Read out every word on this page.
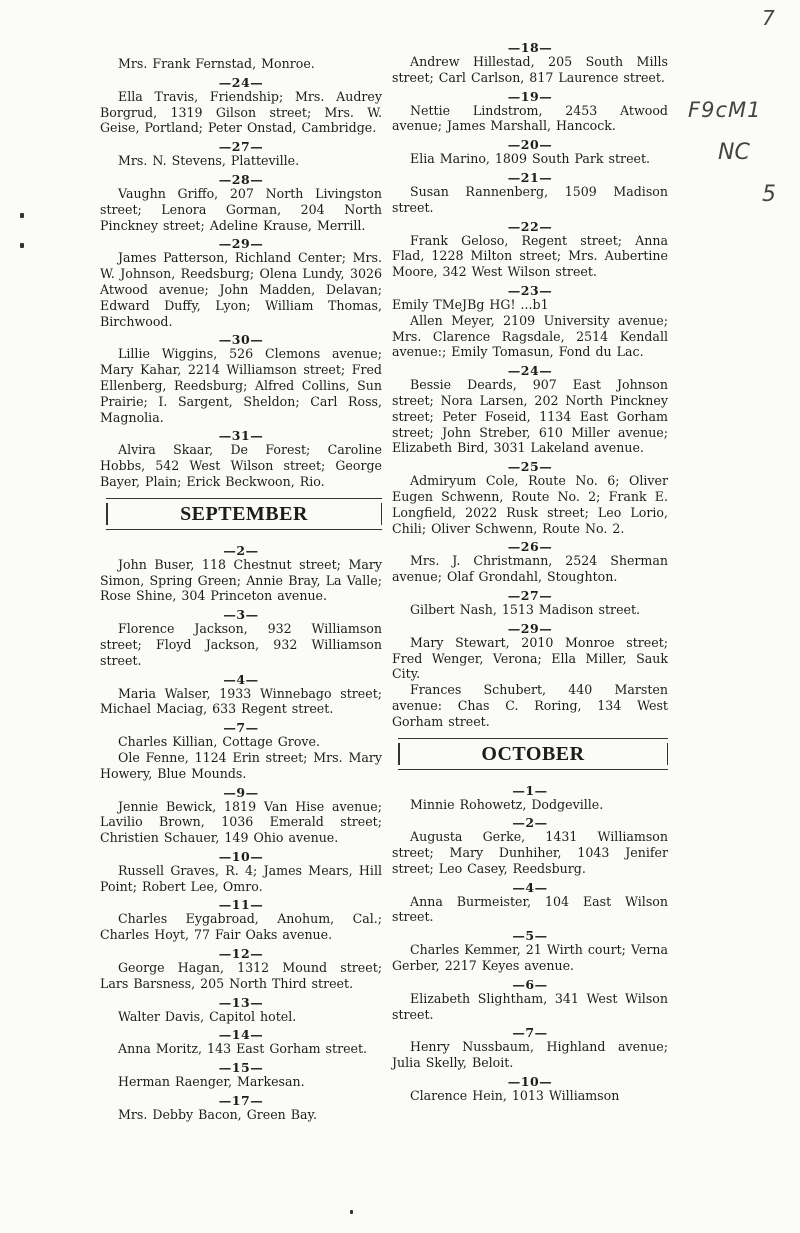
7
F9cM1
NC
5

Mrs. Frank Fernstad, Monroe.

—24—

Ella Travis, Friendship; Mrs. Audrey Borgrud, 1319 Gilson street; Mrs. W. Geise, Portland; Peter Onstad, Cambridge.

—27—

Mrs. N. Stevens, Platteville.

—28—

Vaughn Griffo, 207 North Livingston street; Lenora Gorman, 204 North Pinckney street; Adeline Krause, Merrill.

—29—

James Patterson, Richland Center; Mrs. W. Johnson, Reedsburg; Olena Lundy, 3026 Atwood avenue; John Madden, Delavan; Edward Duffy, Lyon; William Thomas, Birchwood.

—30—

Lillie Wiggins, 526 Clemons avenue; Mary Kahar, 2214 Williamson street; Fred Ellenberg, Reedsburg; Alfred Collins, Sun Prairie; I. Sargent, Sheldon; Carl Ross, Magnolia.

—31—

Alvira Skaar, De Forest; Caroline Hobbs, 542 West Wilson street; George Bayer, Plain; Erick Beckwoon, Rio.

SEPTEMBER
—2—

John Buser, 118 Chestnut street; Mary Simon, Spring Green; Annie Bray, La Valle; Rose Shine, 304 Princeton avenue.

—3—

Florence Jackson, 932 Williamson street; Floyd Jackson, 932 Williamson street.

—4—

Maria Walser, 1933 Winnebago street; Michael Maciag, 633 Regent street.

—7—

Charles Killian, Cottage Grove.

Ole Fenne, 1124 Erin street; Mrs. Mary Howery, Blue Mounds.

—9—

Jennie Bewick, 1819 Van Hise avenue; Lavilio Brown, 1036 Emerald street; Christien Schauer, 149 Ohio avenue.

—10—

Russell Graves, R. 4; James Mears, Hill Point; Robert Lee, Omro.

—11—

Charles Eygabroad, Anohum, Cal.; Charles Hoyt, 77 Fair Oaks avenue.

—12—

George Hagan, 1312 Mound street; Lars Barsness, 205 North Third street.

—13—

Walter Davis, Capitol hotel.

—14—

Anna Moritz, 143 East Gorham street.

—15—

Herman Raenger, Markesan.

—17—

Mrs. Debby Bacon, Green Bay.

—18—

Andrew Hillestad, 205 South Mills street; Carl Carlson, 817 Laurence street.

—19—

Nettie Lindstrom, 2453 Atwood avenue; James Marshall, Hancock.

—20—

Elia Marino, 1809 South Park street.

—21—

Susan Rannenberg, 1509 Madison street.

—22—

Frank Geloso, Regent street; Anna Flad, 1228 Milton street; Mrs. Aubertine Moore, 342 West Wilson street.

—23—

Emily TMeJBg HG! ...b1

Allen Meyer, 2109 University avenue; Mrs. Clarence Ragsdale, 2514 Kendall avenue:; Emily Tomasun, Fond du Lac.

—24—

Bessie Deards, 907 East Johnson street; Nora Larsen, 202 North Pinckney street; Peter Foseid, 1134 East Gorham street; John Streber, 610 Miller avenue; Elizabeth Bird, 3031 Lakeland avenue.

—25—

Admiryum Cole, Route No. 6; Oliver Eugen Schwenn, Route No. 2; Frank E. Longfield, 2022 Rusk street; Leo Lorio, Chili; Oliver Schwenn, Route No. 2.

—26—

Mrs. J. Christmann, 2524 Sherman avenue; Olaf Grondahl, Stoughton.

—27—

Gilbert Nash, 1513 Madison street.

—29—

Mary Stewart, 2010 Monroe street; Fred Wenger, Verona; Ella Miller, Sauk City.

Frances Schubert, 440 Marsten avenue: Chas C. Roring, 134 West Gorham street.

OCTOBER
—1—

Minnie Rohowetz, Dodgeville.

—2—

Augusta Gerke, 1431 Williamson street; Mary Dunhiher, 1043 Jenifer street; Leo Casey, Reedsburg.

—4—

Anna Burmeister, 104 East Wilson street.

—5—

Charles Kemmer, 21 Wirth court; Verna Gerber, 2217 Keyes avenue.

—6—

Elizabeth Slightham, 341 West Wilson street.

—7—

Henry Nussbaum, Highland avenue; Julia Skelly, Beloit.

—10—

Clarence Hein, 1013 Williamson
